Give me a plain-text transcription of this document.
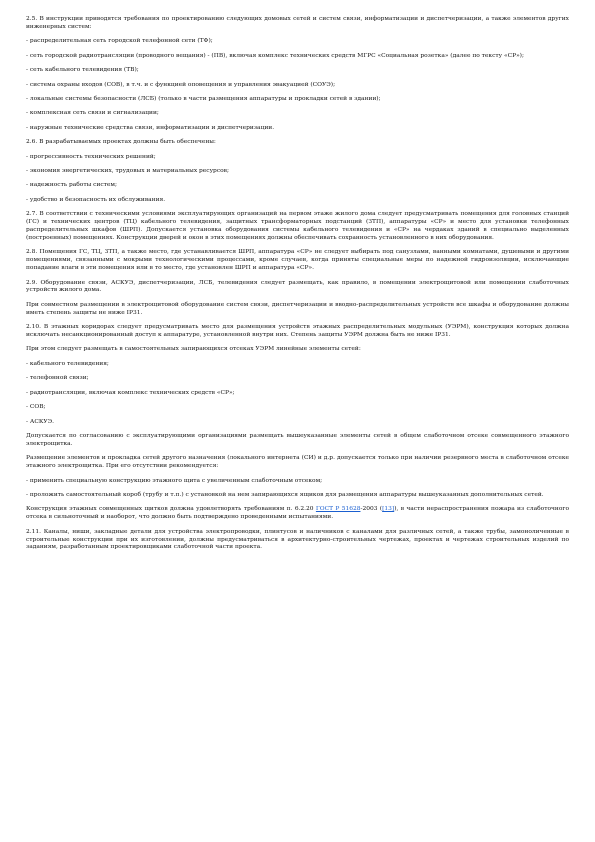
2.5. В инструкции приводятся требования по проектированию следующих домовых сетей и систем связи, информатизации и диспетчеризации, а также элементов других инженерных систем:

- распределительная сеть городской телефонной сети (ТФ);

- сеть городской радиотрансляции (проводного вещания) - (ПВ), включая комплекс технических средств МГРС «Социальная розетка» (далее по тексту «СР»);

- сеть кабельного телевидения (ТВ);

- система охраны входов (СОВ), в т.ч. и с функцией оповещения и управления эвакуацией (СОУЭ);

- локальные системы безопасности (ЛСБ) (только в части размещения аппаратуры и прокладки сетей в здании);

- комплексная сеть связи и сигнализации;

- наружные технические средства связи, информатизации и диспетчеризации.

2.6. В разрабатываемых проектах должны быть обеспечены:

- прогрессивность технических решений;

- экономия энергетических, трудовых и материальных ресурсов;

- надежность работы систем;

- удобство и безопасность их обслуживания.

2.7. В соответствии с техническими условиями эксплуатирующих организаций на первом этаже жилого дома следует предусматривать помещения для головных станций (ГС) и технических центров (ТЦ) кабельного телевидения, защитных трансформаторных подстанций (ЗТП), аппаратуры «СР» и место для установки телефонных распределительных шкафов (ШРП). Допускается установка оборудования системы кабельного телевидения и «СР» на чердаках зданий в специально выделенных (построенных) помещениях. Конструкции дверей и окон в этих помещениях должны обеспечивать сохранность установленного в них оборудования.

2.8. Помещения ГС, ТЦ, ЗТП, а также место, где устанавливается ШРП, аппаратура «СР» не следует выбирать под санузлами, ванными комнатами, душевыми и другими помещениями, связанными с мокрыми технологическими процессами, кроме случаев, когда приняты специальные меры по надежной гидроизоляции, исключающие попадание влаги в эти помещения или в то место, где установлен ШРП и аппаратура «СР».

2.9. Оборудование связи, АСКУЭ, диспетчеризации, ЛСБ, телевидения следует размещать, как правило, в помещении электрощитовой или помещении слаботочных устройств жилого дома.

При совместном размещении в электрощитовой оборудование систем связи, диспетчеризации и вводно-распределительных устройств все шкафы и оборудование должны иметь степень защиты не ниже IP31.

2.10. В этажных коридорах следует предусматривать место для размещения устройств этажных распределительных модульных (УЭРМ), конструкция которых должна исключать несанкционированный доступ к аппаратуре, установленной внутри них. Степень защиты УЭРМ должна быть не ниже IP31.

При этом следует размещать в самостоятельных запирающихся отсеках УЭРМ линейные элементы сетей:

- кабельного телевидения;

- телефонной связи;

- радиотрансляции, включая комплекс технических средств «СР»;

- СОВ;

- АСКУЭ.

Допускается по согласованию с эксплуатирующими организациями размещать вышеуказанные элементы сетей в общем слаботочном отсеке совмещенного этажного электрощитка.

Размещение элементов и прокладка сетей другого назначения (локального интернета (СИ) и д.р. допускается только при наличии резервного места в слаботочном отсеке этажного электрощитка. При его отсутствии рекомендуется:

- применить специальную конструкцию этажного щита с увеличенным слаботочным отсеком;

- проложить самостоятельный короб (трубу и т.п.) с установкой на нем запирающихся ящиков для размещения аппаратуры вышеуказанных дополнительных сетей.

Конструкция этажных совмещенных щитков должна удовлетворять требованиям п. 6.2.20 ГОСТ Р 51628-2003 ([13]), в части нераспространения пожара из слаботочного отсека в сильноточный и наоборот, что должно быть подтверждено проведенными испытаниями.

2.11. Каналы, ниши, закладные детали для устройства электропроводки, плинтусов и наличников с каналами для различных сетей, а также трубы, замоноличенные в строительные конструкции при их изготовлении, должны предусматриваться в архитектурно-строительных чертежах, проектах и чертежах строительных изделий по заданиям, разработанным проектировщиками слаботочной части проекта.
